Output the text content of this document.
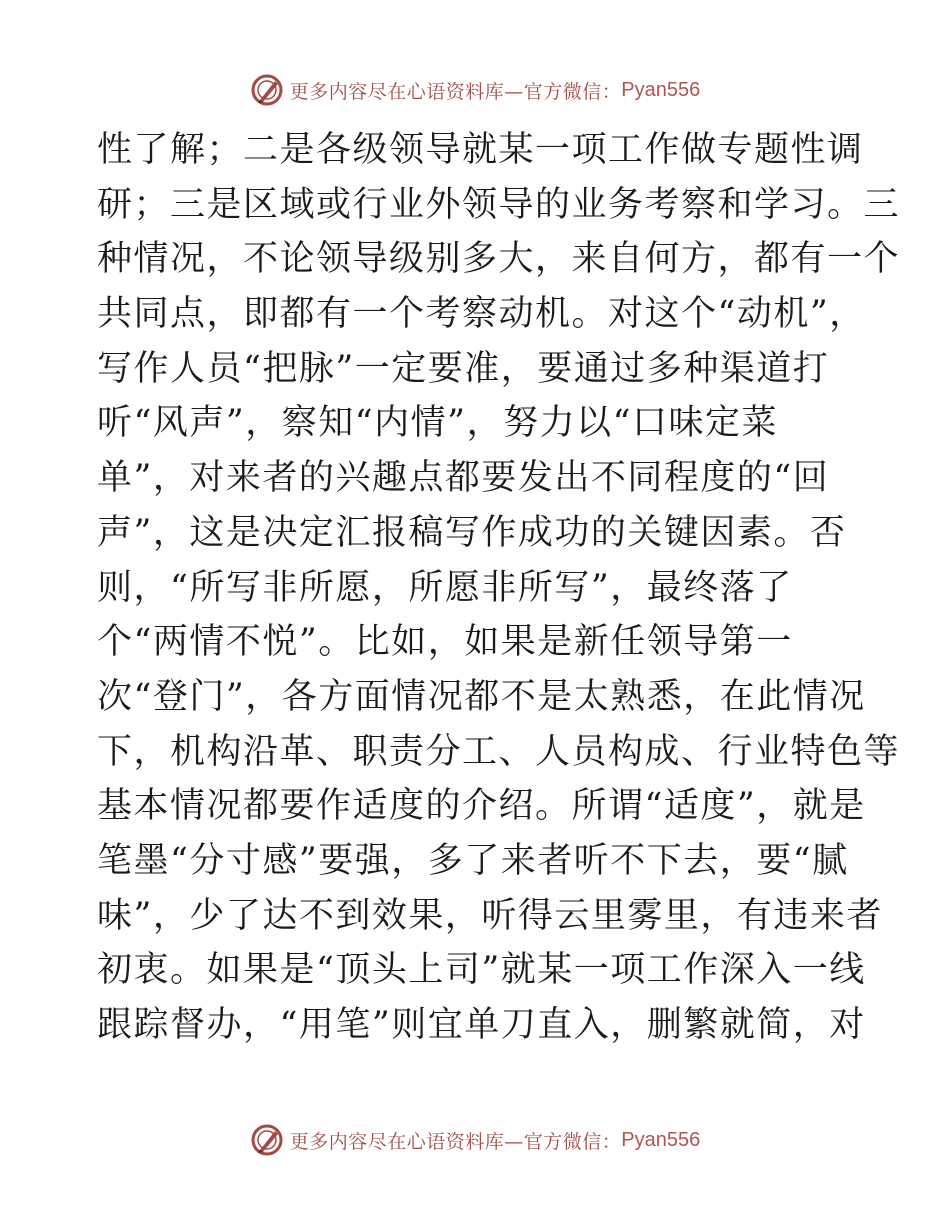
更多内容尽在心语资料库—官方微信： Pyan556
性了解；二是各级领导就某一项工作做专题性调
研；三是区域或行业外领导的业务考察和学习。三
种情况，不论领导级别多大，来自何方，都有一个
共同点，即都有一个考察动机。对这个“动机”，
写作人员“把脉”一定要准，要通过多种渠道打
听“风声”，察知“内情”，努力以“口味定菜
单”，对来者的兴趣点都要发出不同程度的“回
声”，这是决定汇报稿写作成功的关键因素。否
则，“所写非所愿，所愿非所写”，最终落了
个“两情不悦”。比如，如果是新任领导第一
次“登门”，各方面情况都不是太熟悉，在此情况
下，机构沿革、职责分工、人员构成、行业特色等
基本情况都要作适度的介绍。所谓“适度”，就是
笔墨“分寸感”要强，多了来者听不下去，要“腻
味”，少了达不到效果，听得云里雾里，有违来者
初衷。如果是“顶头上司”就某一项工作深入一线
跟踪督办，“用笔”则宜单刀直入，删繁就简，对
更多内容尽在心语资料库—官方微信： Pyan556
